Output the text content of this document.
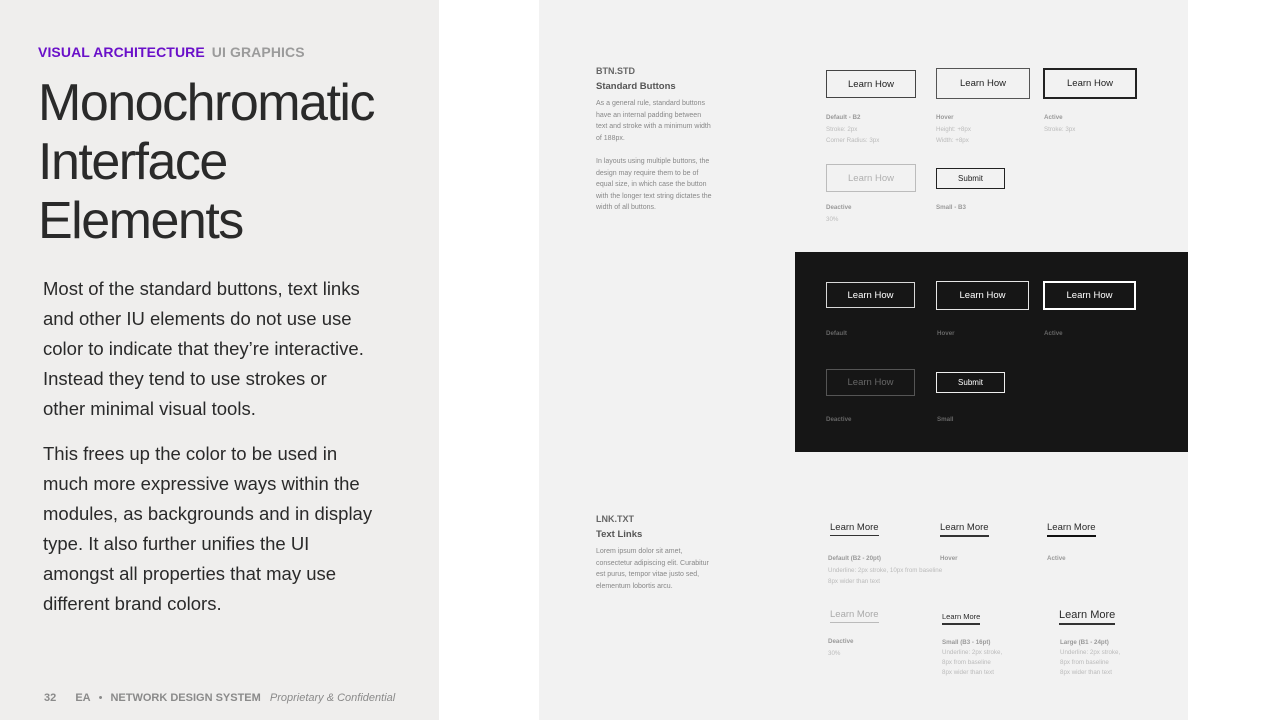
VISUAL ARCHITECTURE UI GRAPHICS
Monochromatic
Interface
Elements

Most of the standard buttons, text links and other IU elements do not use use color to indicate that they’re interactive. Instead they tend to use strokes or other minimal visual tools.

This frees up the color to be used in much more expressive ways within the modules, as backgrounds and in display type. It also further unifies the UI amongst all properties that may use different brand colors.

32 EA • NETWORK DESIGN SYSTEM Proprietary & Confidential
BTN.STD
Standard Buttons
As a general rule, standard buttons have an internal padding between text and stroke with a minimum width of 188px.
In layouts using multiple buttons, the design may require them to be of equal size, in which case the button with the longer text string dictates the width of all buttons.
Learn How	Learn How	Learn How
Default - B2
Stroke: 2px
Corner Radius: 3px
Hover
Height: +8px
Width: +8px
Active
Stroke: 3px
Learn How	Submit
Deactive
30%
Small - B3
Learn How	Learn How	Learn How
Default	Hover	Active
Learn How	Submit
Deactive	Small
LNK.TXT
Text Links
Lorem ipsum dolor sit amet, consectetur adipiscing elit. Curabitur est purus, tempor vitae justo sed, elementum lobortis arcu.
Learn More	Learn More	Learn More
Default (B2 - 20pt)
Underline: 2px stroke, 10px from baseline
8px wider than text
Hover	Active
Learn More	Learn More	Learn More
Deactive
30%
Small (B3 - 16pt)
Underline: 2px stroke,
8px from baseline
8px wider than text
Large (B1 - 24pt)
Underline: 2px stroke,
8px from baseline
8px wider than text
